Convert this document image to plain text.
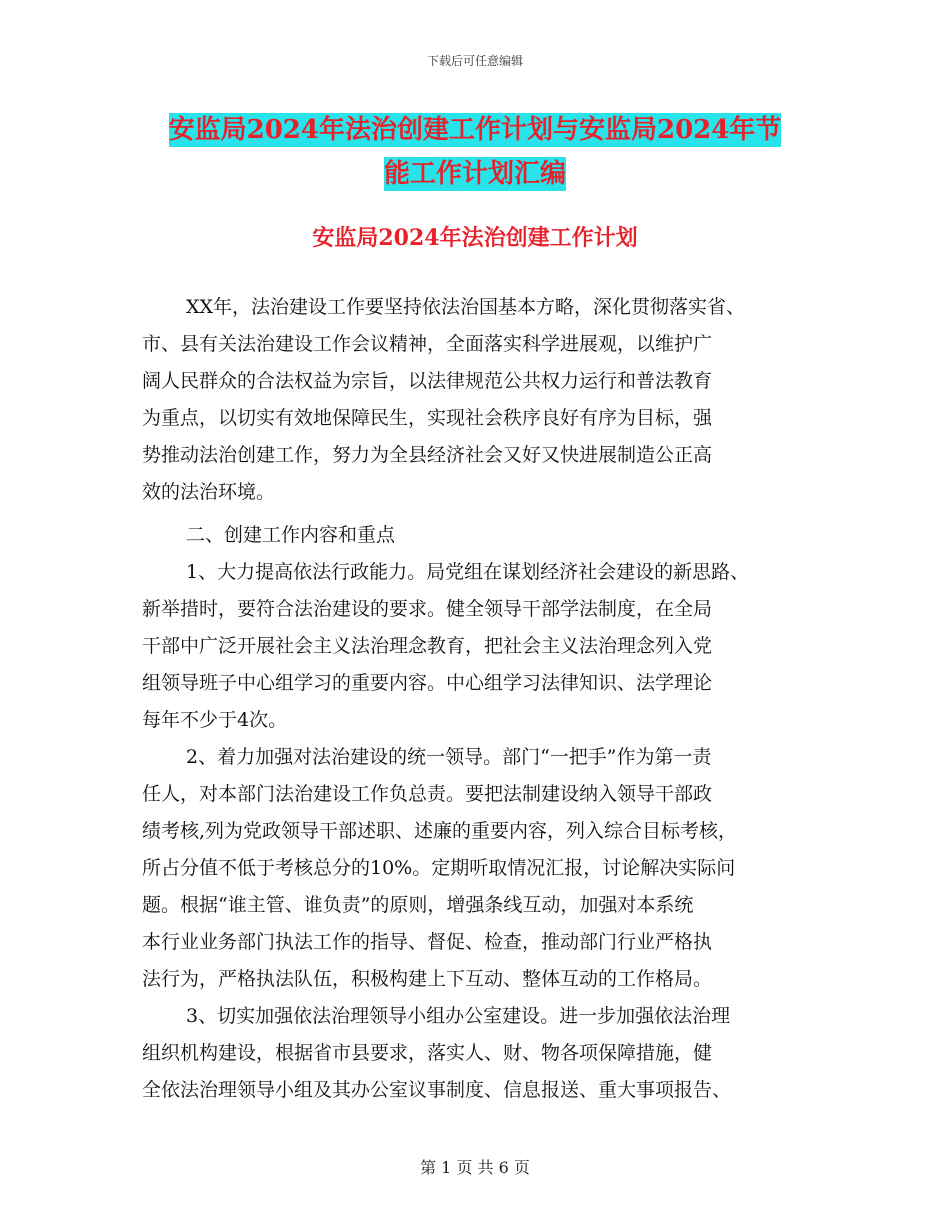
下载后可任意编辑
安监局2024年法治创建工作计划与安监局2024年节
能工作计划汇编
安监局2024年法治创建工作计划
XX年，法治建设工作要坚持依法治国基本方略，深化贯彻落实省、
市、县有关法治建设工作会议精神，全面落实科学进展观，以维护广
阔人民群众的合法权益为宗旨，以法律规范公共权力运行和普法教育
为重点，以切实有效地保障民生，实现社会秩序良好有序为目标，强
势推动法治创建工作，努力为全县经济社会又好又快进展制造公正高
效的法治环境。
二、创建工作内容和重点
1、大力提高依法行政能力。局党组在谋划经济社会建设的新思路、
新举措时，要符合法治建设的要求。健全领导干部学法制度，在全局
干部中广泛开展社会主义法治理念教育，把社会主义法治理念列入党
组领导班子中心组学习的重要内容。中心组学习法律知识、法学理论
每年不少于4次。
2、着力加强对法治建设的统一领导。部门“一把手”作为第一责
任人，对本部门法治建设工作负总责。要把法制建设纳入领导干部政
绩考核,列为党政领导干部述职、述廉的重要内容，列入综合目标考核，
所占分值不低于考核总分的10%。定期听取情况汇报，讨论解决实际问
题。根据“谁主管、谁负责”的原则，增强条线互动，加强对本系统
本行业业务部门执法工作的指导、督促、检查，推动部门行业严格执
法行为，严格执法队伍，积极构建上下互动、整体互动的工作格局。
3、切实加强依法治理领导小组办公室建设。进一步加强依法治理
组织机构建设，根据省市县要求，落实人、财、物各项保障措施，健
全依法治理领导小组及其办公室议事制度、信息报送、重大事项报告、
第 1 页 共 6 页
